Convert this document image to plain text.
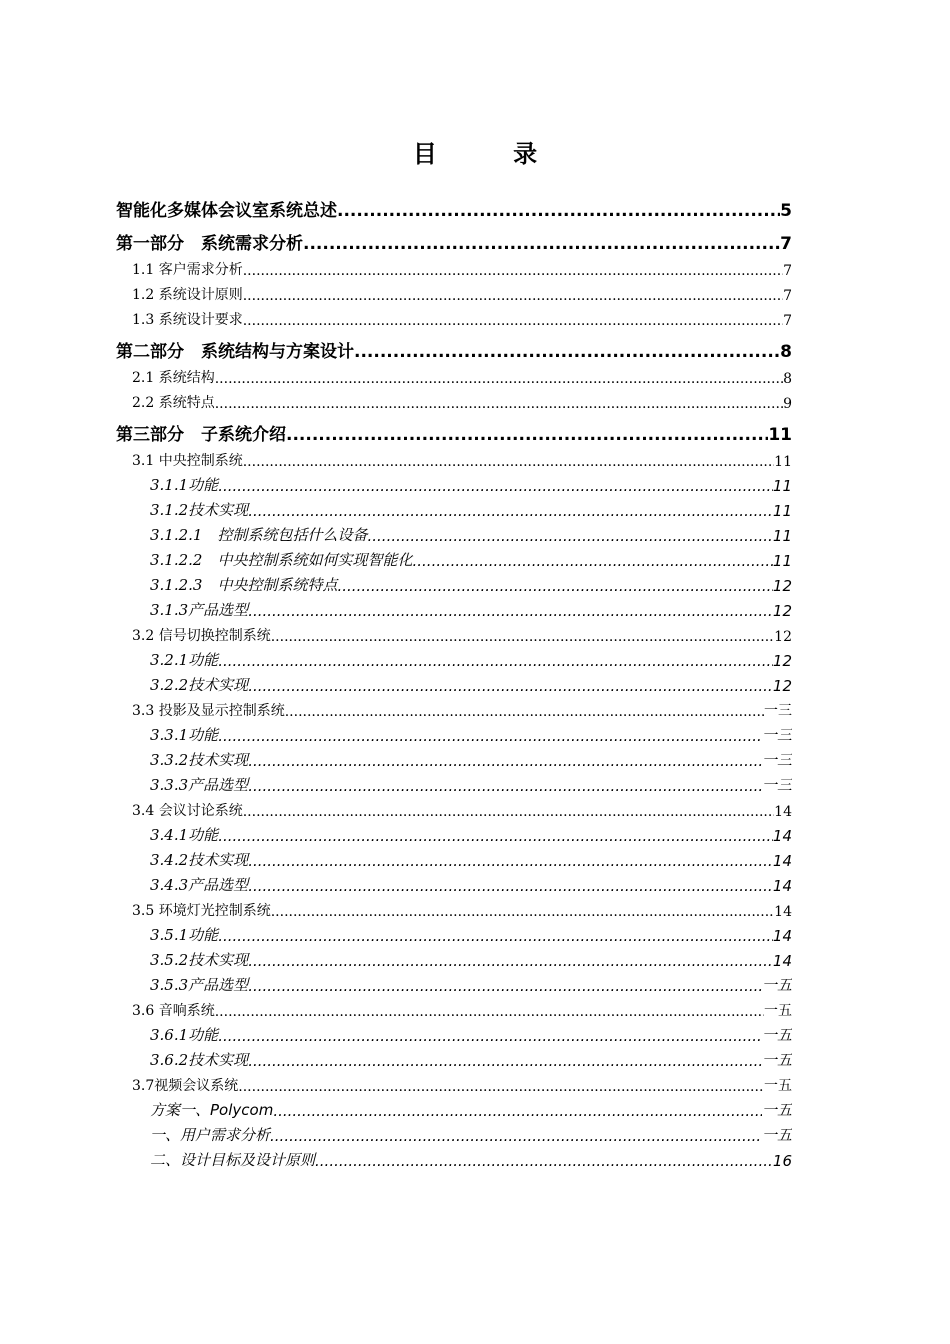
目 录
智能化多媒体会议室系统总述 .....	5
第一部分　系统需求分析 .....	7
1.1 客户需求分析 .....	7
1.2 系统设计原则 .....	7
1.3 系统设计要求 .....	7
第二部分　系统结构与方案设计 .....	8
2.1 系统结构 .....	8
2.2 系统特点 .....	9
第三部分　子系统介绍 .....	11
3.1 中央控制系统 .....	11
3.1.1功能 .....	11
3.1.2技术实现 .....	11
3.1.2.1　控制系统包括什么设备 .....	11
3.1.2.2　中央控制系统如何实现智能化 .....	11
3.1.2.3　中央控制系统特点 .....	12
3.1.3产品选型 .....	12
3.2 信号切换控制系统 .....	12
3.2.1功能 .....	12
3.2.2技术实现 .....	12
3.3 投影及显示控制系统 .....	一三
3.3.1功能 .....	一三
3.3.2技术实现 .....	一三
3.3.3产品选型 .....	一三
3.4 会议讨论系统 .....	14
3.4.1功能 .....	14
3.4.2技术实现 .....	14
3.4.3产品选型 .....	14
3.5 环境灯光控制系统 .....	14
3.5.1功能 .....	14
3.5.2技术实现 .....	14
3.5.3产品选型 .....	一五
3.6 音响系统 .....	一五
3.6.1功能 .....	一五
3.6.2技术实现 .....	一五
3.7视频会议系统 .....	一五
方案一、Polycom .....	一五
一、用户需求分析 .....	一五
二、设计目标及设计原则 .....	16
